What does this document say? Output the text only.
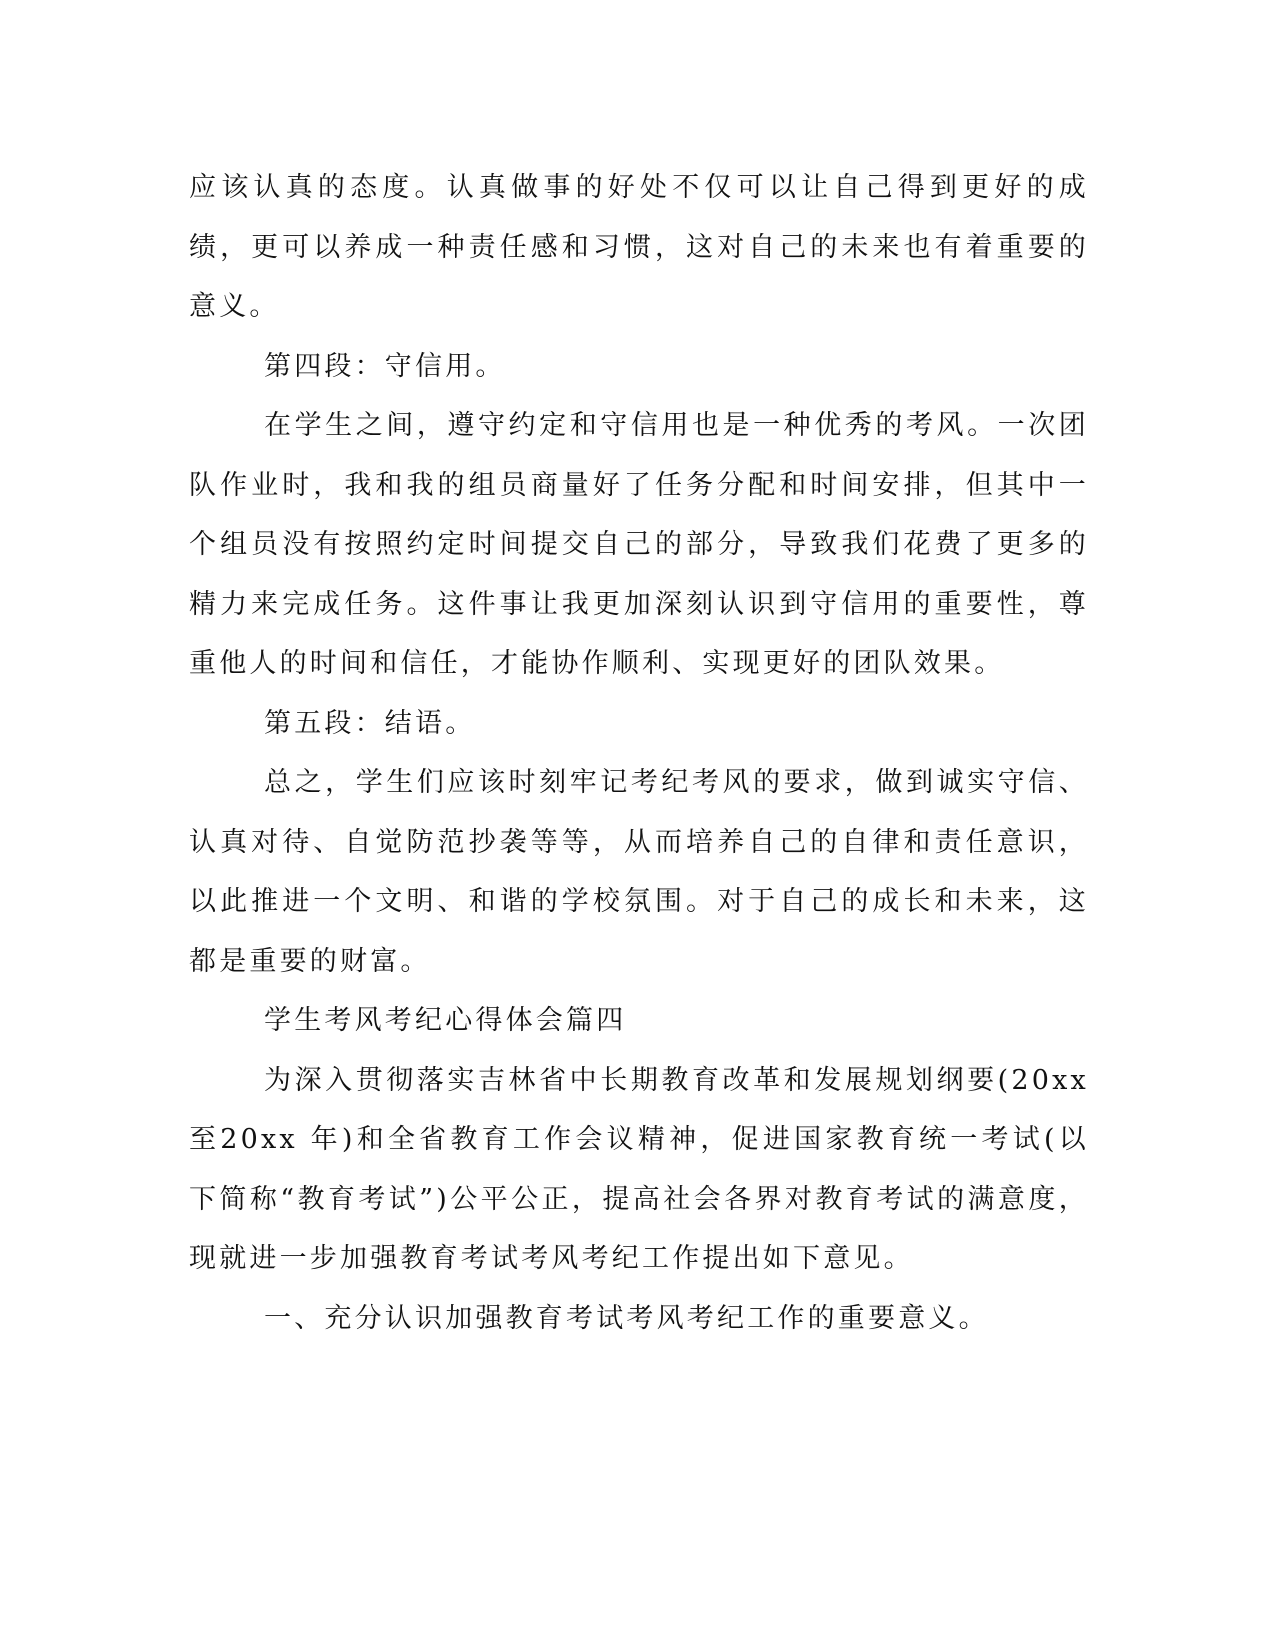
应该认真的态度。认真做事的好处不仅可以让自己得到更好的成绩，更可以养成一种责任感和习惯，这对自己的未来也有着重要的意义。

第四段：守信用。

在学生之间，遵守约定和守信用也是一种优秀的考风。一次团队作业时，我和我的组员商量好了任务分配和时间安排，但其中一个组员没有按照约定时间提交自己的部分，导致我们花费了更多的精力来完成任务。这件事让我更加深刻认识到守信用的重要性，尊重他人的时间和信任，才能协作顺利、实现更好的团队效果。

第五段：结语。

总之，学生们应该时刻牢记考纪考风的要求，做到诚实守信、认真对待、自觉防范抄袭等等，从而培养自己的自律和责任意识，以此推进一个文明、和谐的学校氛围。对于自己的成长和未来，这都是重要的财富。

学生考风考纪心得体会篇四

为深入贯彻落实吉林省中长期教育改革和发展规划纲要(20xx 至20xx 年)和全省教育工作会议精神，促进国家教育统一考试(以下简称“教育考试”)公平公正，提高社会各界对教育考试的满意度，现就进一步加强教育考试考风考纪工作提出如下意见。

一、充分认识加强教育考试考风考纪工作的重要意义。
